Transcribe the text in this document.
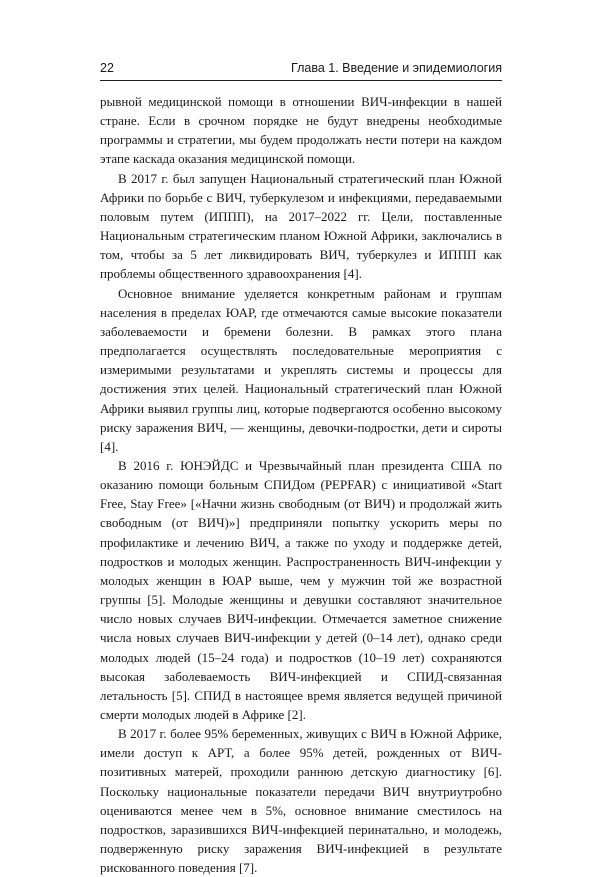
22	Глава 1. Введение и эпидемиология

рывной медицинской помощи в отношении ВИЧ-инфекции в нашей стране. Если в срочном порядке не будут внедрены необходимые программы и стратегии, мы будем продолжать нести потери на каждом этапе каскада оказания медицинской помощи.

В 2017 г. был запущен Национальный стратегический план Южной Африки по борьбе с ВИЧ, туберкулезом и инфекциями, передаваемыми половым путем (ИППП), на 2017–2022 гг. Цели, поставленные Национальным стратегическим планом Южной Африки, заключались в том, чтобы за 5 лет ликвидировать ВИЧ, туберкулез и ИППП как проблемы общественного здравоохранения [4].

Основное внимание уделяется конкретным районам и группам населения в пределах ЮАР, где отмечаются самые высокие показатели заболеваемости и бремени болезни. В рамках этого плана предполагается осуществлять последовательные мероприятия с измеримыми результатами и укреплять системы и процессы для достижения этих целей. Национальный стратегический план Южной Африки выявил группы лиц, которые подвергаются особенно высокому риску заражения ВИЧ, — женщины, девочки-подростки, дети и сироты [4].

В 2016 г. ЮНЭЙДС и Чрезвычайный план президента США по оказанию помощи больным СПИДом (PEPFAR) с инициативой «Start Free, Stay Free» [«Начни жизнь свободным (от ВИЧ) и продолжай жить свободным (от ВИЧ)»] предприняли попытку ускорить меры по профилактике и лечению ВИЧ, а также по уходу и поддержке детей, подростков и молодых женщин. Распространенность ВИЧ-инфекции у молодых женщин в ЮАР выше, чем у мужчин той же возрастной группы [5]. Молодые женщины и девушки составляют значительное число новых случаев ВИЧ-инфекции. Отмечается заметное снижение числа новых случаев ВИЧ-инфекции у детей (0–14 лет), однако среди молодых людей (15–24 года) и подростков (10–19 лет) сохраняются высокая заболеваемость ВИЧ-инфекцией и СПИД-связанная летальность [5]. СПИД в настоящее время является ведущей причиной смерти молодых людей в Африке [2].

В 2017 г. более 95% беременных, живущих с ВИЧ в Южной Африке, имели доступ к АРТ, а более 95% детей, рожденных от ВИЧ-позитивных матерей, проходили раннюю детскую диагностику [6]. Поскольку национальные показатели передачи ВИЧ внутриутробно оцениваются менее чем в 5%, основное внимание сместилось на подростков, заразившихся ВИЧ-инфекцией перинатально, и молодежь, подверженную риску заражения ВИЧ-инфекцией в результате рискованного поведения [7].
